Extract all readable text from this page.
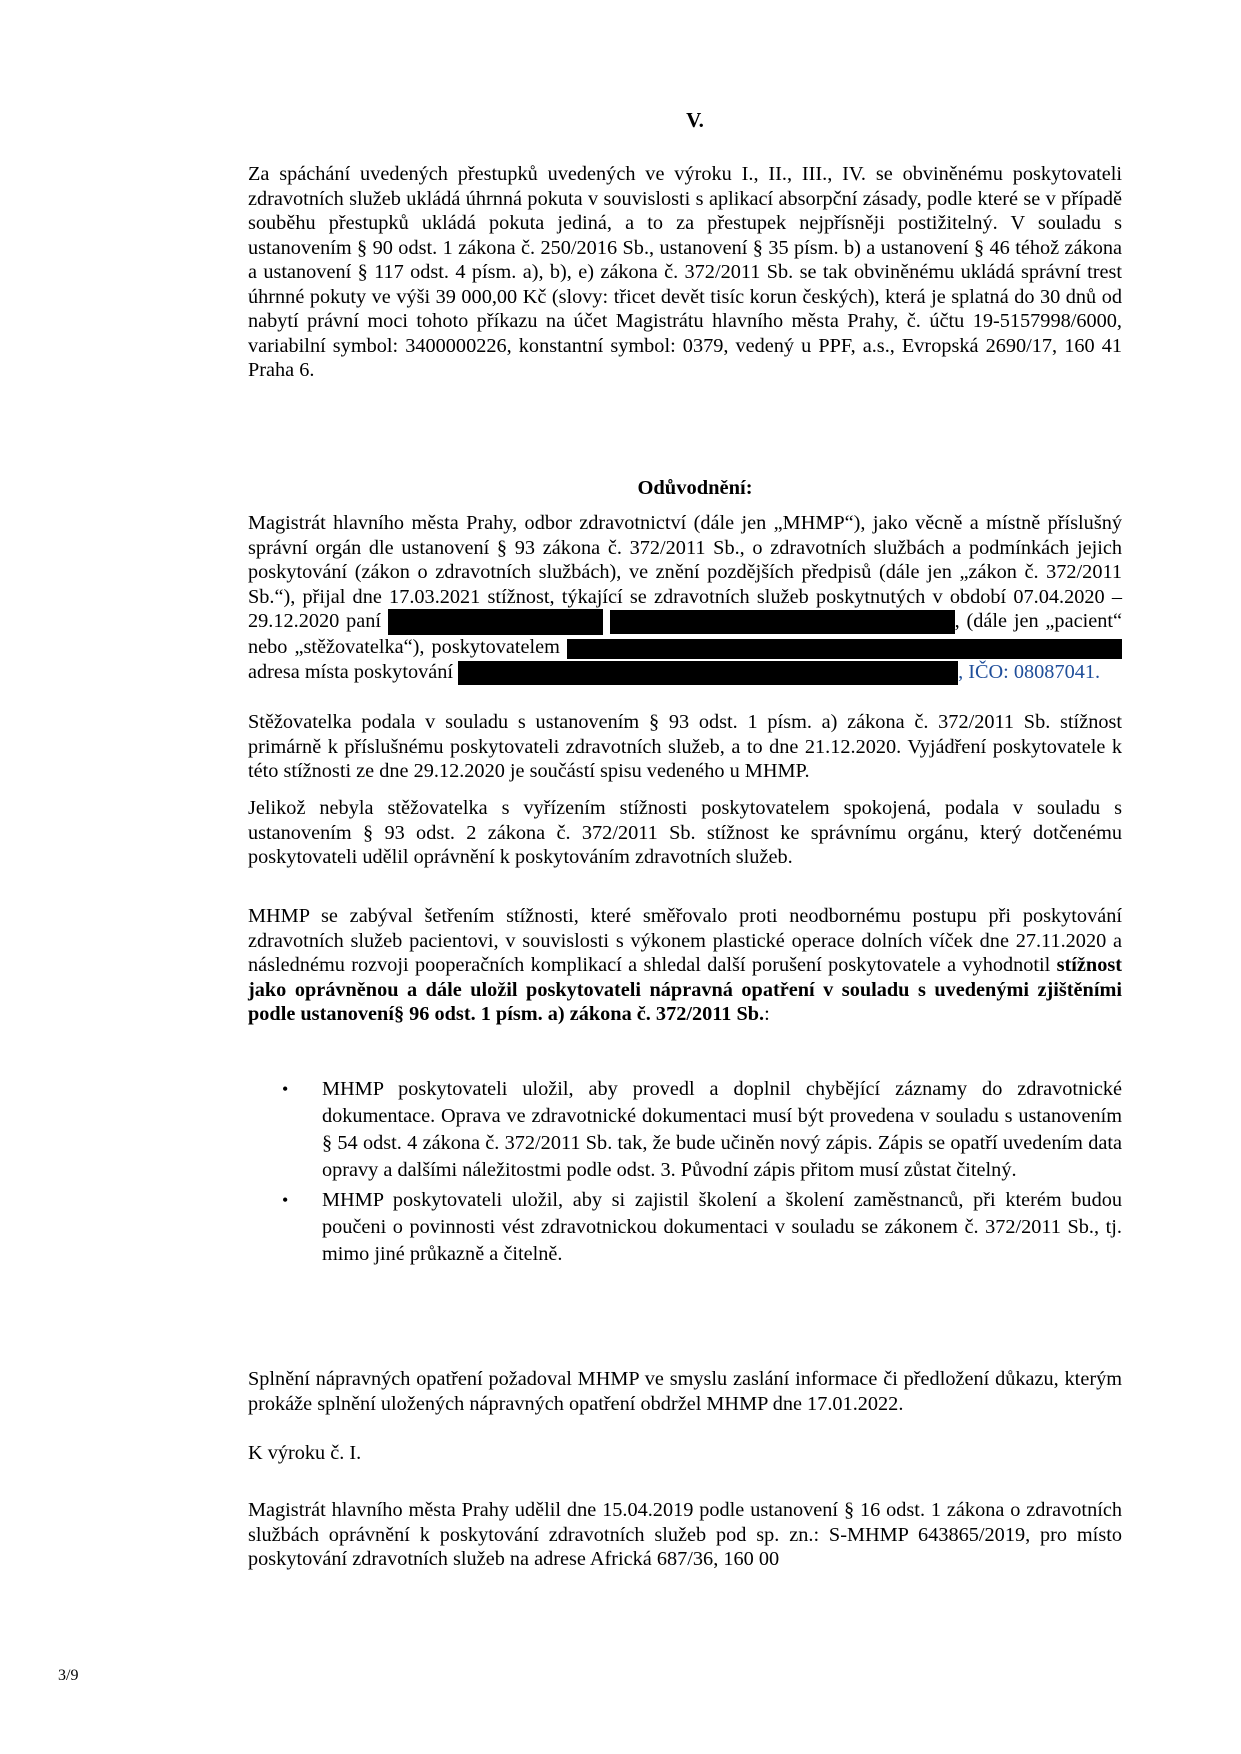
V.

Za spáchání uvedených přestupků uvedených ve výroku I., II., III., IV. se obviněnému poskytovateli zdravotních služeb ukládá úhrnná pokuta v souvislosti s aplikací absorpční zásady, podle které se v případě souběhu přestupků ukládá pokuta jediná, a to za přestupek nejpřísněji postižitelný. V souladu s ustanovením § 90 odst. 1 zákona č. 250/2016 Sb., ustanovení § 35 písm. b) a ustanovení § 46 téhož zákona a ustanovení § 117 odst. 4 písm. a), b), e) zákona č. 372/2011 Sb. se tak obviněnému ukládá správní trest úhrnné pokuty ve výši 39 000,00 Kč (slovy: třicet devět tisíc korun českých), která je splatná do 30 dnů od nabytí právní moci tohoto příkazu na účet Magistrátu hlavního města Prahy, č. účtu 19-5157998/6000, variabilní symbol: 3400000226, konstantní symbol: 0379, vedený u PPF, a.s., Evropská 2690/17, 160 41 Praha 6.

Odůvodnění:

Magistrát hlavního města Prahy, odbor zdravotnictví (dále jen „MHMP“), jako věcně a místně příslušný správní orgán dle ustanovení § 93 zákona č. 372/2011 Sb., o zdravotních službách a podmínkách jejich poskytování (zákon o zdravotních službách), ve znění pozdějších předpisů (dále jen „zákon č. 372/2011 Sb.“), přijal dne 17.03.2021 stížnost, týkající se zdravotních služeb poskytnutých v období 07.04.2020 – 29.12.2020 paní	, (dále jen „pacient“ nebo „stěžovatelka“), poskytovatelem  adresa místa poskytování	, IČO: 08087041.

Stěžovatelka podala v souladu s ustanovením § 93 odst. 1 písm. a) zákona č. 372/2011 Sb. stížnost primárně k příslušnému poskytovateli zdravotních služeb, a to dne 21.12.2020. Vyjádření poskytovatele k této stížnosti ze dne 29.12.2020 je součástí spisu vedeného u MHMP.

Jelikož nebyla stěžovatelka s vyřízením stížnosti poskytovatelem spokojená, podala v souladu s ustanovením § 93 odst. 2 zákona č. 372/2011 Sb. stížnost ke správnímu orgánu, který dotčenému poskytovateli udělil oprávnění k poskytováním zdravotních služeb.

MHMP se zabýval šetřením stížnosti, které směřovalo proti neodbornému postupu při poskytování zdravotních služeb pacientovi, v souvislosti s výkonem plastické operace dolních víček dne 27.11.2020 a následnému rozvoji pooperačních komplikací a shledal další porušení poskytovatele a vyhodnotil stížnost jako oprávněnou a dále uložil poskytovateli nápravná opatření v souladu s uvedenými zjištěními podle ustanovení§ 96 odst. 1 písm. a) zákona č. 372/2011 Sb.:

• MHMP poskytovateli uložil, aby provedl a doplnil chybějící záznamy do zdravotnické dokumentace. Oprava ve zdravotnické dokumentaci musí být provedena v souladu s ustanovením § 54 odst. 4 zákona č. 372/2011 Sb. tak, že bude učiněn nový zápis. Zápis se opatří uvedením data opravy a dalšími náležitostmi podle odst. 3. Původní zápis přitom musí zůstat čitelný.
• MHMP poskytovateli uložil, aby si zajistil školení a školení zaměstnanců, při kterém budou poučeni o povinnosti vést zdravotnickou dokumentaci v souladu se zákonem č. 372/2011 Sb., tj. mimo jiné průkazně a čitelně.

Splnění nápravných opatření požadoval MHMP ve smyslu zaslání informace či předložení důkazu, kterým prokáže splnění uložených nápravných opatření obdržel MHMP dne 17.01.2022.

K výroku č. I.

Magistrát hlavního města Prahy udělil dne 15.04.2019 podle ustanovení § 16 odst. 1 zákona o zdravotních službách oprávnění k poskytování zdravotních služeb pod sp. zn.: S-MHMP 643865/2019, pro místo poskytování zdravotních služeb na adrese Africká 687/36, 160 00

3/9
